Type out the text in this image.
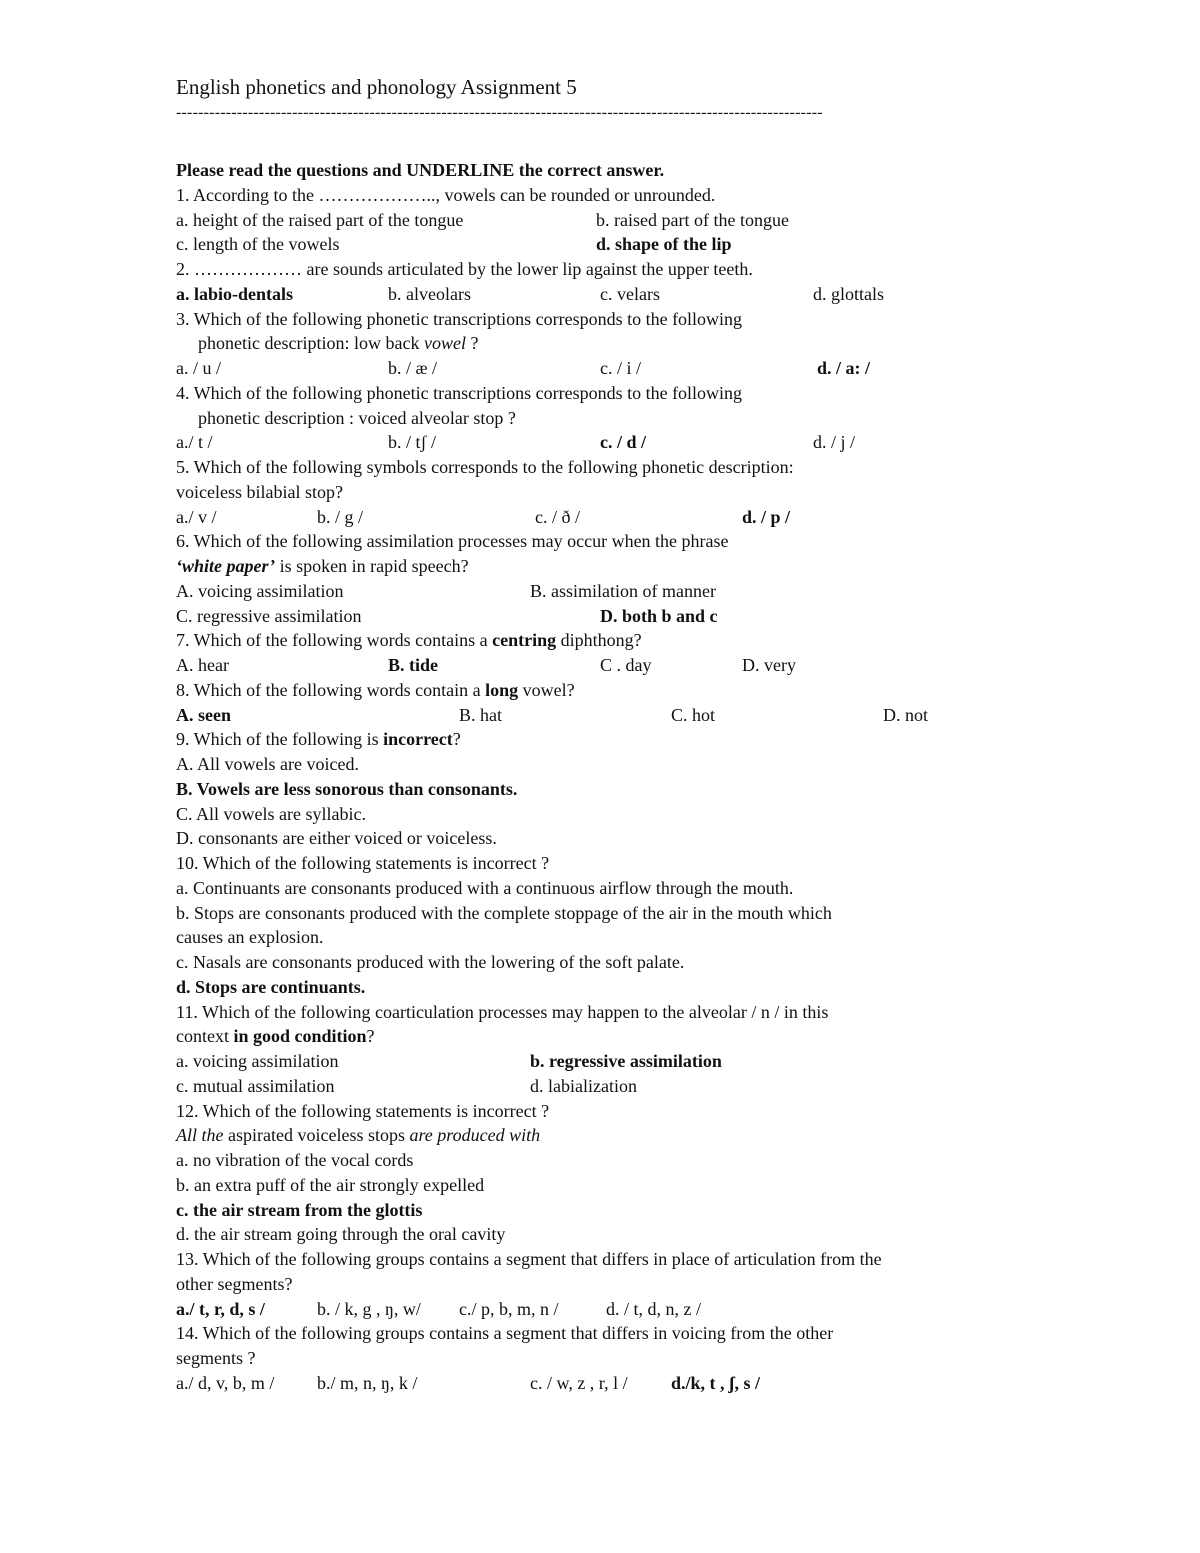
English phonetics and phonology Assignment 5
---------------------------------------------------------------------------------------------------------------------
Please read the questions and UNDERLINE the correct answer.
1. According to the ……………….., vowels can be rounded or unrounded.
a. height of the raised part of the tongue	b. raised part of the tongue
c. length of the vowels	d. shape of the lip
2. ……………… are sounds articulated by the lower lip against the upper teeth.
a. labio-dentals	b. alveolars	c. velars	d. glottals
3. Which of the following phonetic transcriptions corresponds to the following
phonetic description: low back vowel ?
a. / u /	b. / æ /	c. / i /	d. / a: /
4. Which of the following phonetic transcriptions corresponds to the following
phonetic description : voiced alveolar stop ?
a./ t /	b. / tʃ /	c. / d /	d. / j /
5. Which of the following symbols corresponds to the following phonetic description:
voiceless bilabial stop?
a./ v /	b. / g /	c. / ð /	d. / p /
6. Which of the following assimilation processes may occur when the phrase
‘white paper’ is spoken in rapid speech?
A. voicing assimilation	B. assimilation of manner
C. regressive assimilation	D. both b and c
7. Which of the following words contains a centring diphthong?
A. hear	B. tide	C . day	D. very
8. Which of the following words contain a long vowel?
A. seen	B. hat	C. hot	D. not
9. Which of the following is incorrect?
A. All vowels are voiced.
B. Vowels are less sonorous than consonants.
C. All vowels are syllabic.
D. consonants are either voiced or voiceless.
10. Which of the following statements is incorrect ?
a. Continuants are consonants produced with a continuous airflow through the mouth.
b. Stops are consonants produced with the complete stoppage of the air in the mouth which
causes an explosion.
c. Nasals are consonants produced with the lowering of the soft palate.
d. Stops are continuants.
11. Which of the following coarticulation processes may happen to the alveolar / n / in this
context in good condition?
a. voicing assimilation	b. regressive assimilation
c. mutual assimilation	d. labialization
12. Which of the following statements is incorrect ?
All the aspirated voiceless stops are produced with
a. no vibration of the vocal cords
b. an extra puff of the air strongly expelled
c. the air stream from the glottis
d. the air stream going through the oral cavity
13. Which of the following groups contains a segment that differs in place of articulation from the
other segments?
a./ t, r, d, s /	b. / k, g , ŋ, w/ c./ p, b, m, n /	d. / t, d, n, z /
14. Which of the following groups contains a segment that differs in voicing from the other
segments ?
a./ d, v, b, m / b./ m, n, ŋ, k /	c. / w, z , r, l / d./k, t , ʃ, s /
